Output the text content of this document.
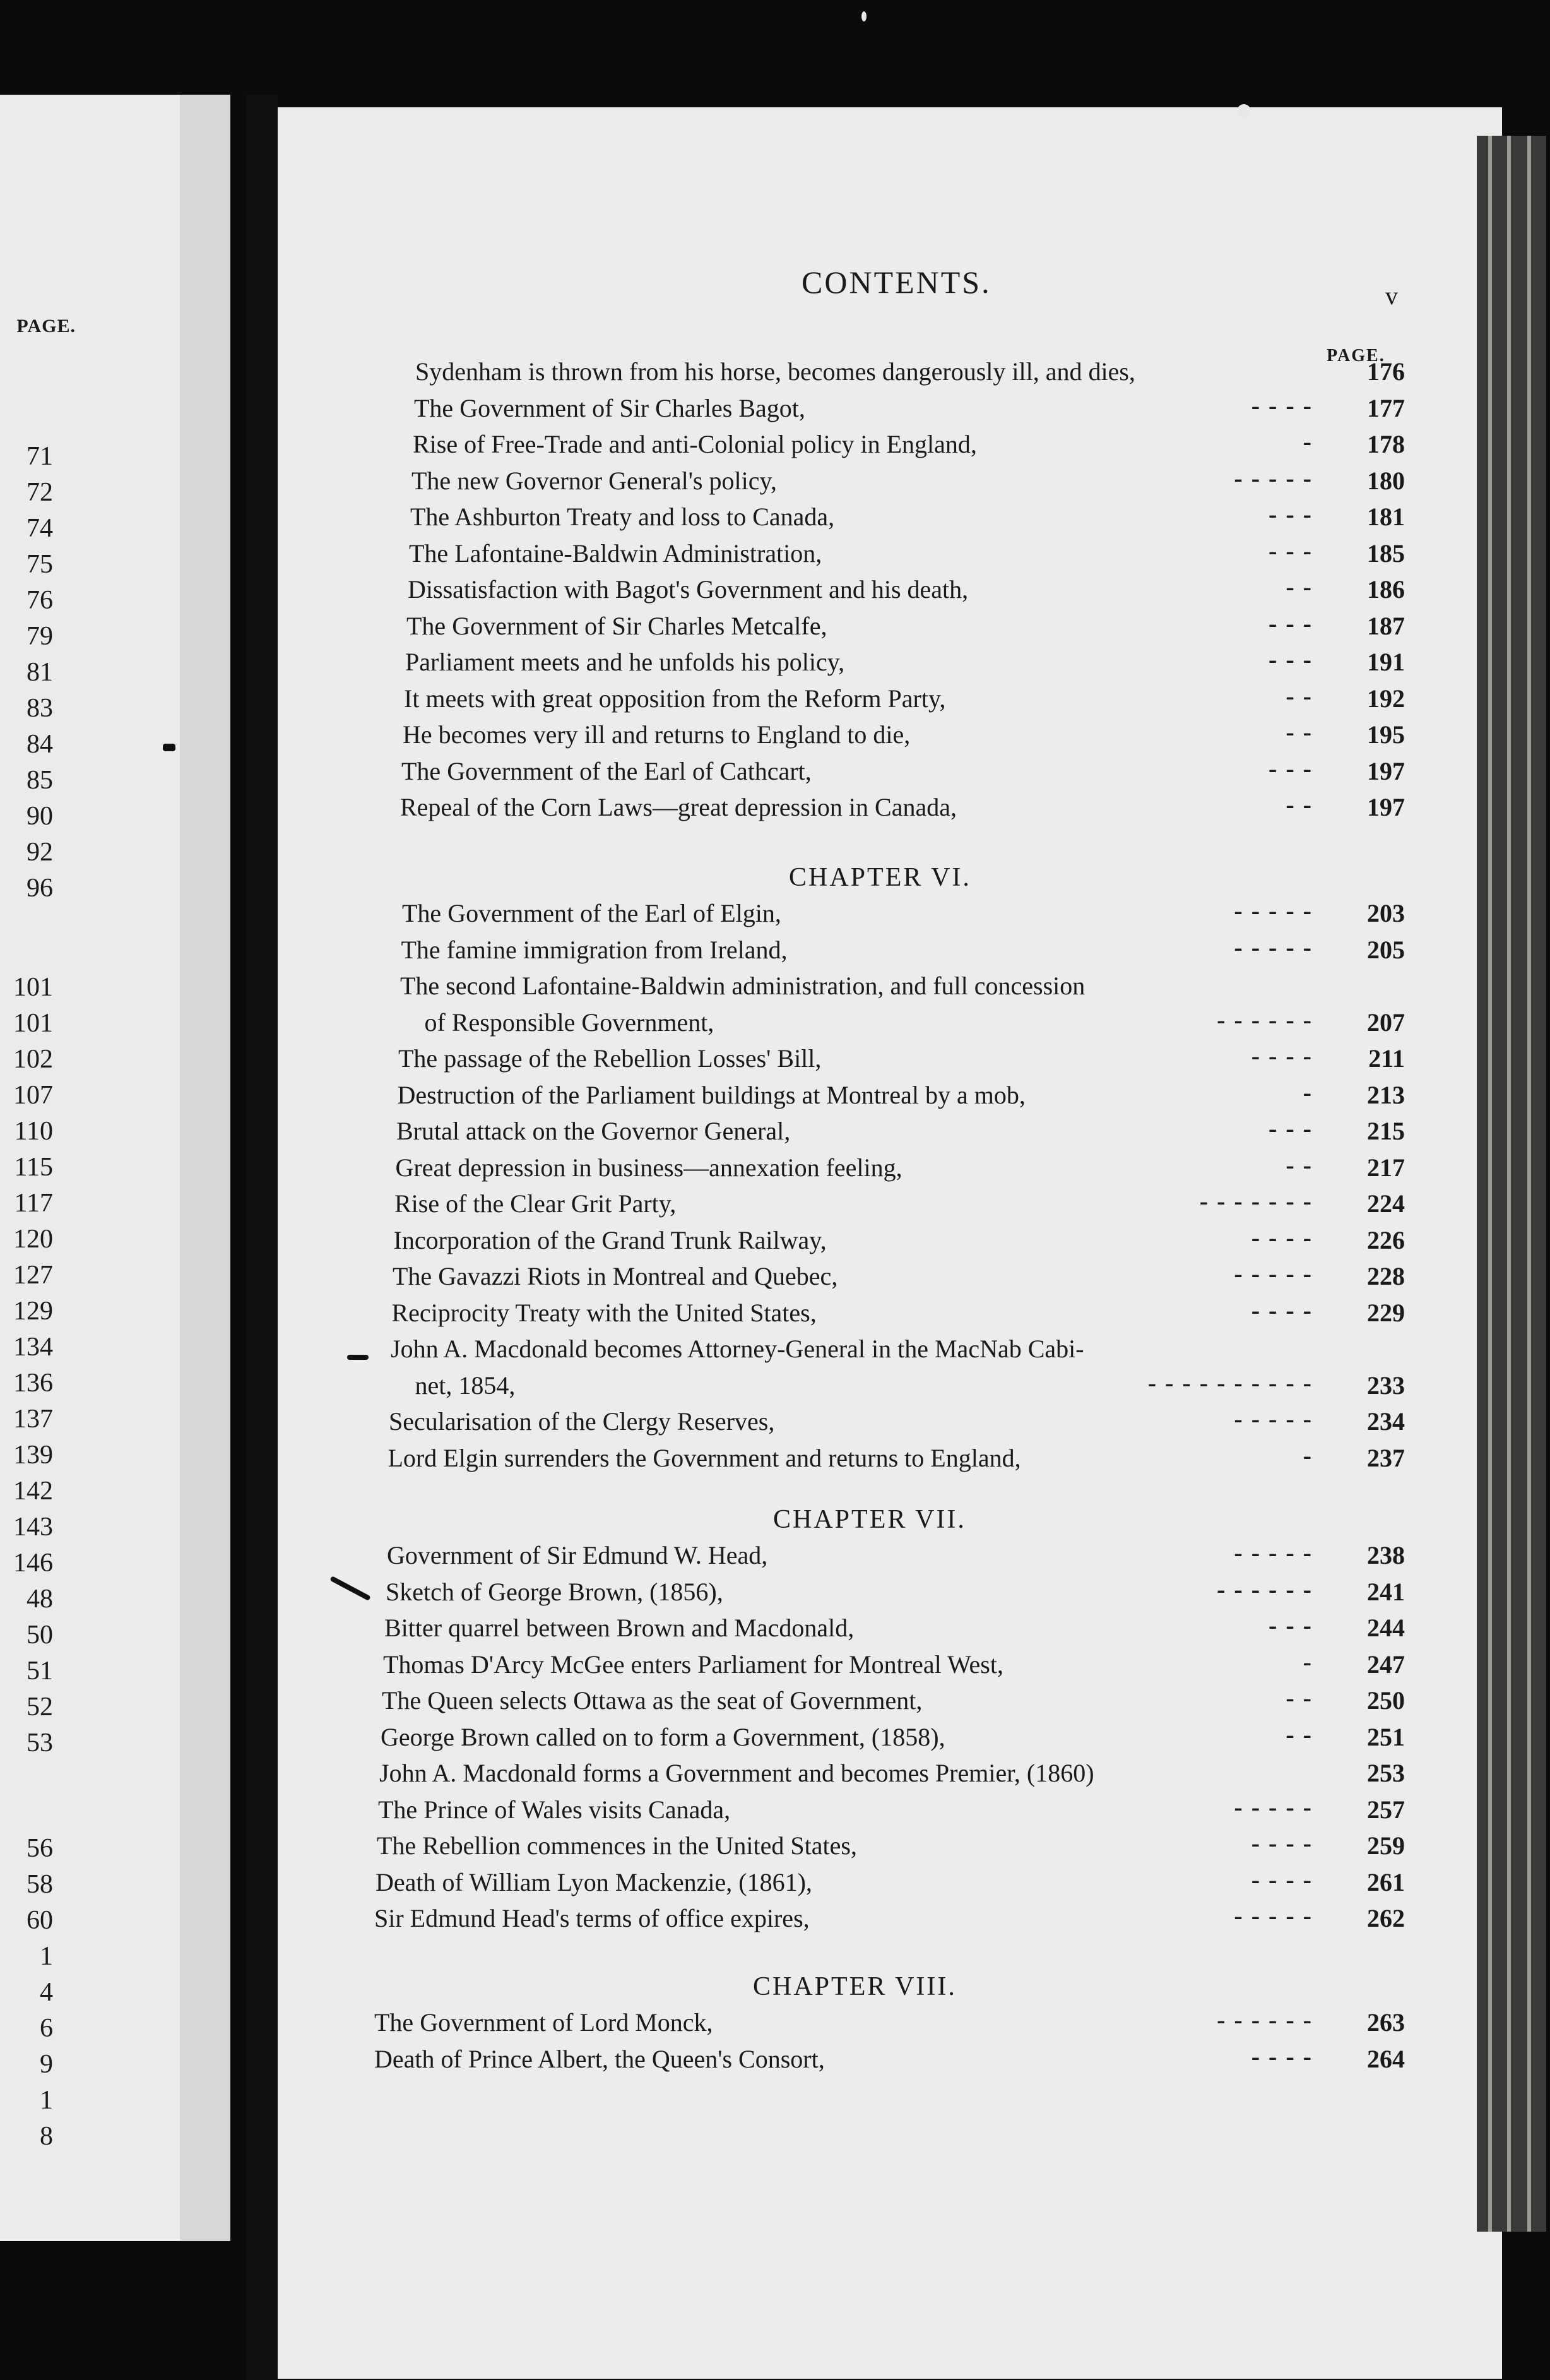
PAGE.
71
72
74
75
76
79
81
83
84
85
90
92
96
101
101
102
107
110
115
117
120
127
129
134
136
137
139
142
143
146
48
50
51
52
53
56
58
60
1
4
6
9
1
8
CONTENTS.	v
PAGE.
Sydenham is thrown from his horse, becomes dangerously ill, and dies,	176
The Government of Sir Charles Bagot,	- - - -	177
Rise of Free-Trade and anti-Colonial policy in England,	-	178
The new Governor General's policy,	- - - - -	180
The Ashburton Treaty and loss to Canada,	- - -	181
The Lafontaine-Baldwin Administration,	- - -	185
Dissatisfaction with Bagot's Government and his death,	- -	186
The Government of Sir Charles Metcalfe,	- - -	187
Parliament meets and he unfolds his policy,	- - -	191
It meets with great opposition from the Reform Party,	- -	192
He becomes very ill and returns to England to die,	- -	195
The Government of the Earl of Cathcart,	- - -	197
Repeal of the Corn Laws—great depression in Canada,	- -	197
CHAPTER VI.
The Government of the Earl of Elgin,	- - - - -	203
The famine immigration from Ireland,	- - - - -	205
The second Lafontaine-Baldwin administration, and full concession
of Responsible Government,	- - - - - -	207
The passage of the Rebellion Losses' Bill,	- - - -	211
Destruction of the Parliament buildings at Montreal by a mob,	-	213
Brutal attack on the Governor General,	- - -	215
Great depression in business—annexation feeling,	- -	217
Rise of the Clear Grit Party,	- - - - - - -	224
Incorporation of the Grand Trunk Railway,	- - - -	226
The Gavazzi Riots in Montreal and Quebec,	- - - - -	228
Reciprocity Treaty with the United States,	- - - -	229
John A. Macdonald becomes Attorney-General in the MacNab Cabi-
net, 1854,	- - - - - - - - - -	233
Secularisation of the Clergy Reserves,	- - - - -	234
Lord Elgin surrenders the Government and returns to England,	-	237
CHAPTER VII.
Government of Sir Edmund W. Head,	- - - - -	238
Sketch of George Brown, (1856),	- - - - - -	241
Bitter quarrel between Brown and Macdonald,	- - -	244
Thomas D'Arcy McGee enters Parliament for Montreal West,	-	247
The Queen selects Ottawa as the seat of Government,	- -	250
George Brown called on to form a Government, (1858),	- -	251
John A. Macdonald forms a Government and becomes Premier, (1860)	253
The Prince of Wales visits Canada,	- - - - -	257
The Rebellion commences in the United States,	- - - -	259
Death of William Lyon Mackenzie, (1861),	- - - -	261
Sir Edmund Head's terms of office expires,	- - - - -	262
CHAPTER VIII.
The Government of Lord Monck,	- - - - - -	263
Death of Prince Albert, the Queen's Consort,	- - - -	264
